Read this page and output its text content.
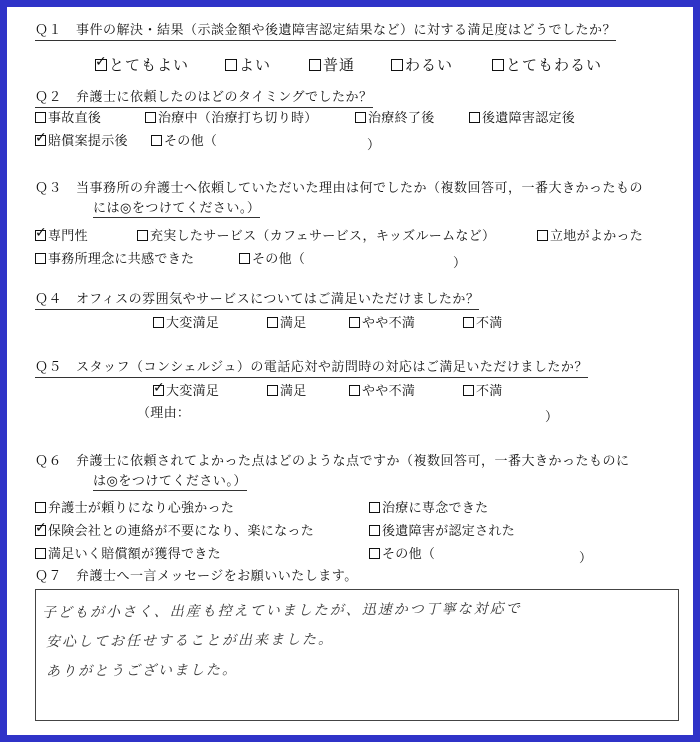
Ｑ１ 事件の解決・結果（示談金額や後遺障害認定結果など）に対する満足度はどうでしたか？
✓ とてもよい	よい	普通	わるい	とてもわるい
Ｑ２ 弁護士に依頼したのはどのタイミングでしたか？
事故直後	治療中（治療打ち切り時）	治療終了後	後遺障害認定後
✓ 賠償案提示後	その他（	）
Ｑ３ 当事務所の弁護士へ依頼していただいた理由は何でしたか（複数回答可，一番大きかったもの
には◎をつけてください。）
✓ 専門性	充実したサービス（カフェサービス，キッズルームなど）	立地がよかった
事務所理念に共感できた	その他（	）
Ｑ４ オフィスの雰囲気やサービスについてはご満足いただけましたか？
大変満足	満足	やや不満	不満
Ｑ５ スタッフ（コンシェルジュ）の電話応対や訪問時の対応はご満足いただけましたか？
✓ 大変満足	満足	やや不満	不満
（理由：	）
Ｑ６ 弁護士に依頼されてよかった点はどのような点ですか（複数回答可，一番大きかったものに
は◎をつけてください。）
弁護士が頼りになり心強かった	治療に専念できた
✓ 保険会社との連絡が不要になり、楽になった	後遺障害が認定された
満足いく賠償額が獲得できた	その他（	）
Ｑ７ 弁護士へ一言メッセージをお願いいたします。
子どもが小さく、出産も控えていましたが、迅速かつ丁寧な対応で
安心してお任せすることが出来ました。
ありがとうございました。
